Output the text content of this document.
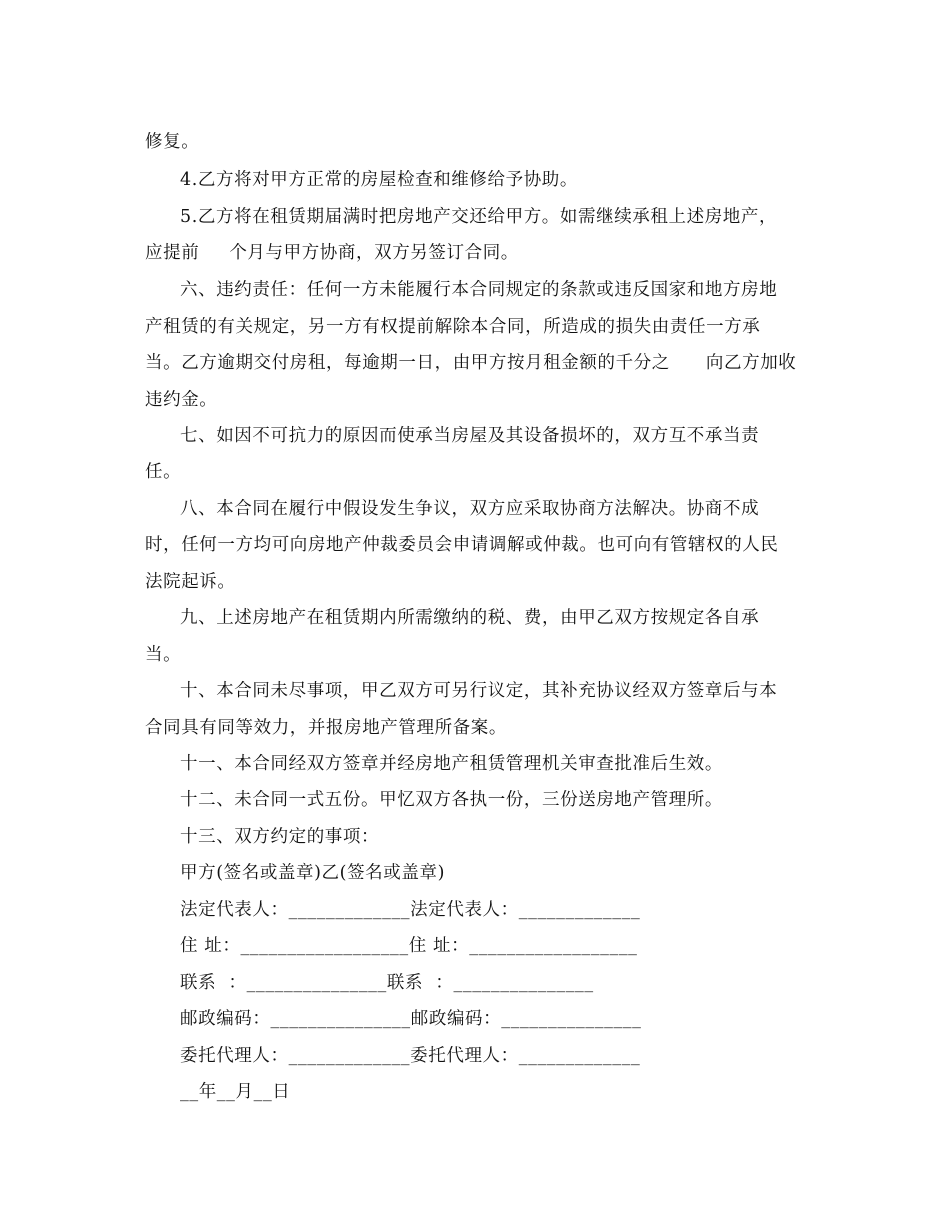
修复。
4.乙方将对甲方正常的房屋检查和维修给予协助。
5.乙方将在租赁期届满时把房地产交还给甲方。如需继续承租上述房地产，
应提前 个月与甲方协商，双方另签订合同。
六、违约责任：任何一方未能履行本合同规定的条款或违反国家和地方房地
产租赁的有关规定，另一方有权提前解除本合同，所造成的损失由责任一方承
当。乙方逾期交付房租，每逾期一日，由甲方按月租金额的千分之 向乙方加收
违约金。
七、如因不可抗力的原因而使承当房屋及其设备损坏的，双方互不承当责
任。
八、本合同在履行中假设发生争议，双方应采取协商方法解决。协商不成
时，任何一方均可向房地产仲裁委员会申请调解或仲裁。也可向有管辖权的人民
法院起诉。
九、上述房地产在租赁期内所需缴纳的税、费，由甲乙双方按规定各自承
当。
十、本合同未尽事项，甲乙双方可另行议定，其补充协议经双方签章后与本
合同具有同等效力，并报房地产管理所备案。
十一、本合同经双方签章并经房地产租赁管理机关审查批准后生效。
十二、未合同一式五份。甲忆双方各执一份，三份送房地产管理所。
十三、双方约定的事项：
甲方(签名或盖章)乙(签名或盖章)
法定代表人：_____________法定代表人：_____________
住 址：__________________住 址：__________________
联系  ：_______________联系  ：_______________
邮政编码：_______________邮政编码：_______________
委托代理人：_____________委托代理人：_____________
__年__月__日
